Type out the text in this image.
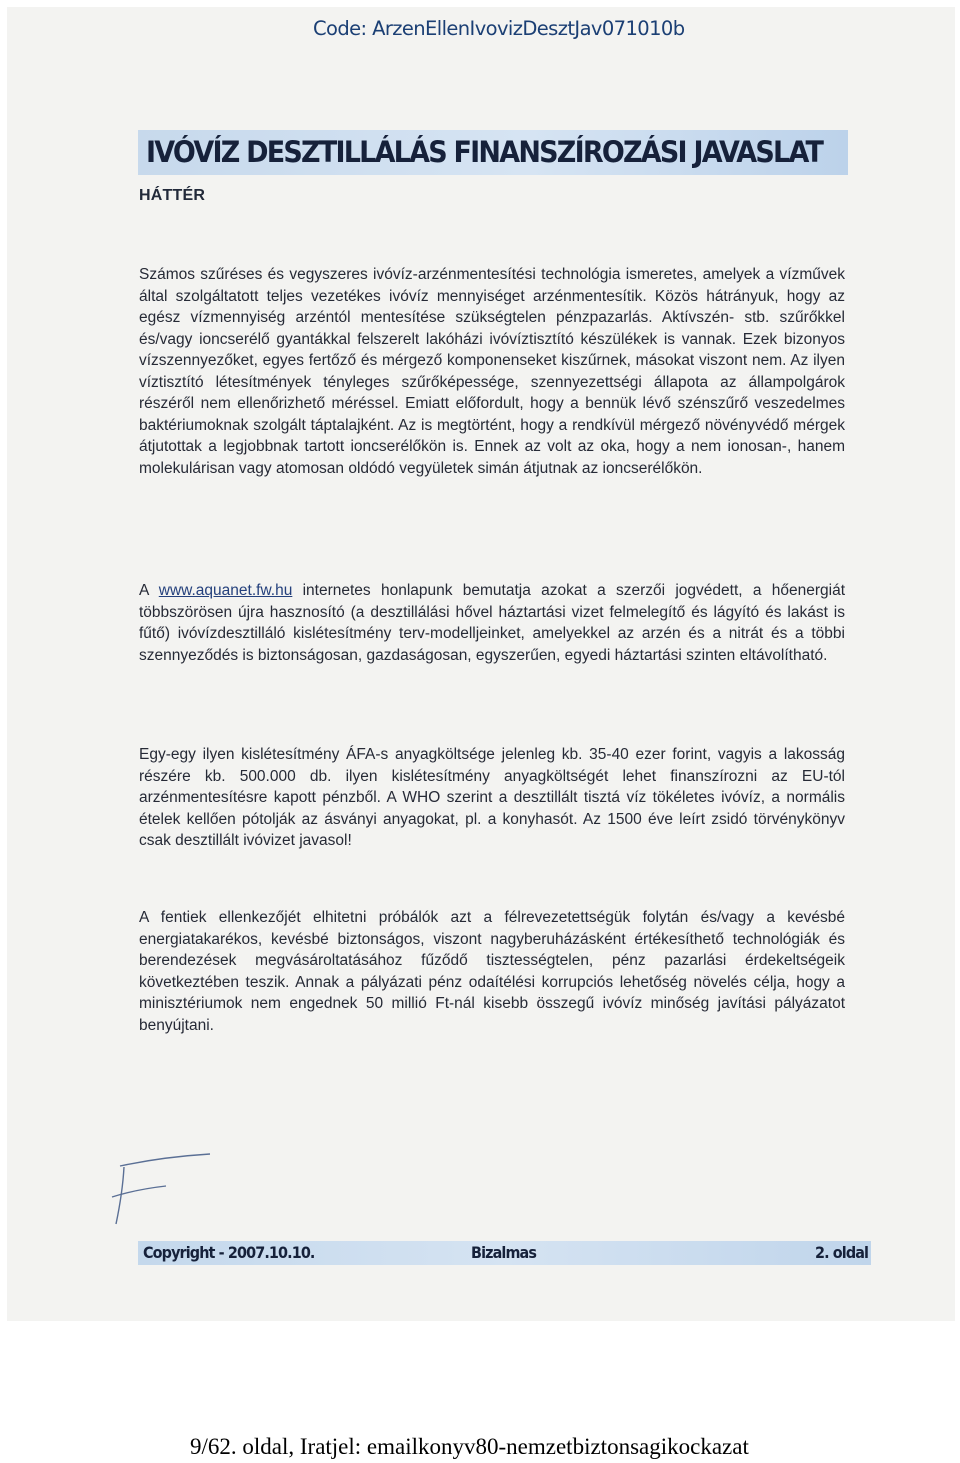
Code: ArzenEllenIvovizDesztJav071010b
IVÓVÍZ DESZTILLÁLÁS FINANSZÍROZÁSI JAVASLAT
HÁTTÉR

Számos szűréses és vegyszeres ivóvíz-arzénmentesítési technológia ismeretes, amelyek a vízművek által szolgáltatott teljes vezetékes ivóvíz mennyiséget arzénmentesítik. Közös hátrányuk, hogy az egész vízmennyiség arzéntól mentesítése szükségtelen pénzpazarlás. Aktívszén- stb. szűrőkkel és/vagy ioncserélő gyantákkal felszerelt lakóházi ivóvíztisztító készülékek is vannak. Ezek bizonyos vízszennyezőket, egyes fertőző és mérgező komponenseket kiszűrnek, másokat viszont nem. Az ilyen víztisztító létesítmények tényleges szűrőképessége, szennyezettségi állapota az állampolgárok részéről nem ellenőrizhető méréssel. Emiatt előfordult, hogy a bennük lévő szénszűrő veszedelmes baktériumoknak szolgált táptalajként. Az is megtörtént, hogy a rendkívül mérgező növényvédő mérgek átjutottak a legjobbnak tartott ioncserélőkön is. Ennek az volt az oka, hogy a nem ionosan-, hanem molekulárisan vagy atomosan oldódó vegyületek simán átjutnak az ioncserélőkön.

A www.aquanet.fw.hu internetes honlapunk bemutatja azokat a szerzői jogvédett, a hőenergiát többszörösen újra hasznosító (a desztillálási hővel háztartási vizet felmelegítő és lágyító és lakást is fűtő) ivóvízdesztilláló kislétesítmény terv-modelljeinket, amelyekkel az arzén és a nitrát és a többi szennyeződés is biztonságosan, gazdaságosan, egyszerűen, egyedi háztartási szinten eltávolítható.

Egy-egy ilyen kislétesítmény ÁFA-s anyagköltsége jelenleg kb. 35-40 ezer forint, vagyis a lakosság részére kb. 500.000 db. ilyen kislétesítmény anyagköltségét lehet finanszírozni az EU-tól arzénmentesítésre kapott pénzből. A WHO szerint a desztillált tisztá víz tökéletes ivóvíz, a normális ételek kellően pótolják az ásványi anyagokat, pl. a konyhasót. Az 1500 éve leírt zsidó törvénykönyv csak desztillált ivóvizet javasol!

A fentiek ellenkezőjét elhitetni próbálók azt a félrevezetettségük folytán és/vagy a kevésbé energiatakarékos, kevésbé biztonságos, viszont nagyberuházásként értékesíthető technológiák és berendezések megvásároltatásához fűződő tisztességtelen, pénz pazarlási érdekeltségeik következtében teszik. Annak a pályázati pénz odaítélési korrupciós lehetőség növelés célja, hogy a minisztériumok nem engednek 50 millió Ft-nál kisebb összegű ivóvíz minőség javítási pályázatot benyújtani.

Copyright - 2007.10.10.	Bizalmas	2. oldal
9/62. oldal, Iratjel: emailkonyv80-nemzetbiztonsagikockazat
